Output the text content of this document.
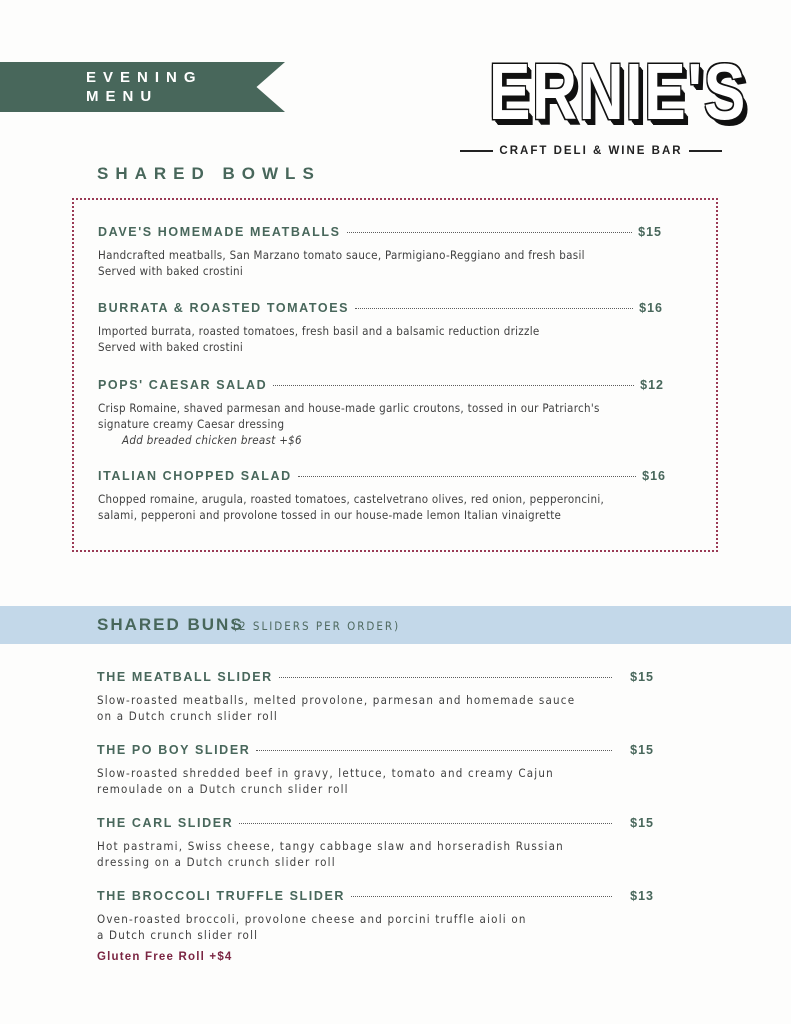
EVENING
MENU	ERNIE'S
CRAFT DELI & WINE BAR
SHARED BOWLS
DAVE'S HOMEMADE MEATBALLS	$15
Handcrafted meatballs, San Marzano tomato sauce, Parmigiano-Reggiano and fresh basil
Served with baked crostini
BURRATA & ROASTED TOMATOES	$16
Imported burrata, roasted tomatoes, fresh basil and a balsamic reduction drizzle
Served with baked crostini
POPS' CAESAR SALAD	$12
Crisp Romaine, shaved parmesan and house-made garlic croutons, tossed in our Patriarch's
signature creamy Caesar dressing
Add breaded chicken breast +$6
ITALIAN CHOPPED SALAD	$16
Chopped romaine, arugula, roasted tomatoes, castelvetrano olives, red onion, pepperoncini,
salami, pepperoni and provolone tossed in our house-made lemon Italian vinaigrette
SHARED BUNS
(2 SLIDERS PER ORDER)
THE MEATBALL SLIDER	$15
Slow-roasted meatballs, melted provolone, parmesan and homemade sauce
on a Dutch crunch slider roll
THE PO BOY SLIDER	$15
Slow-roasted shredded beef in gravy, lettuce, tomato and creamy Cajun
remoulade on a Dutch crunch slider roll
THE CARL SLIDER	$15
Hot pastrami, Swiss cheese, tangy cabbage slaw and horseradish Russian
dressing on a Dutch crunch slider roll
THE BROCCOLI TRUFFLE SLIDER	$13
Oven-roasted broccoli, provolone cheese and porcini truffle aioli on
a Dutch crunch slider roll
Gluten Free Roll +$4
